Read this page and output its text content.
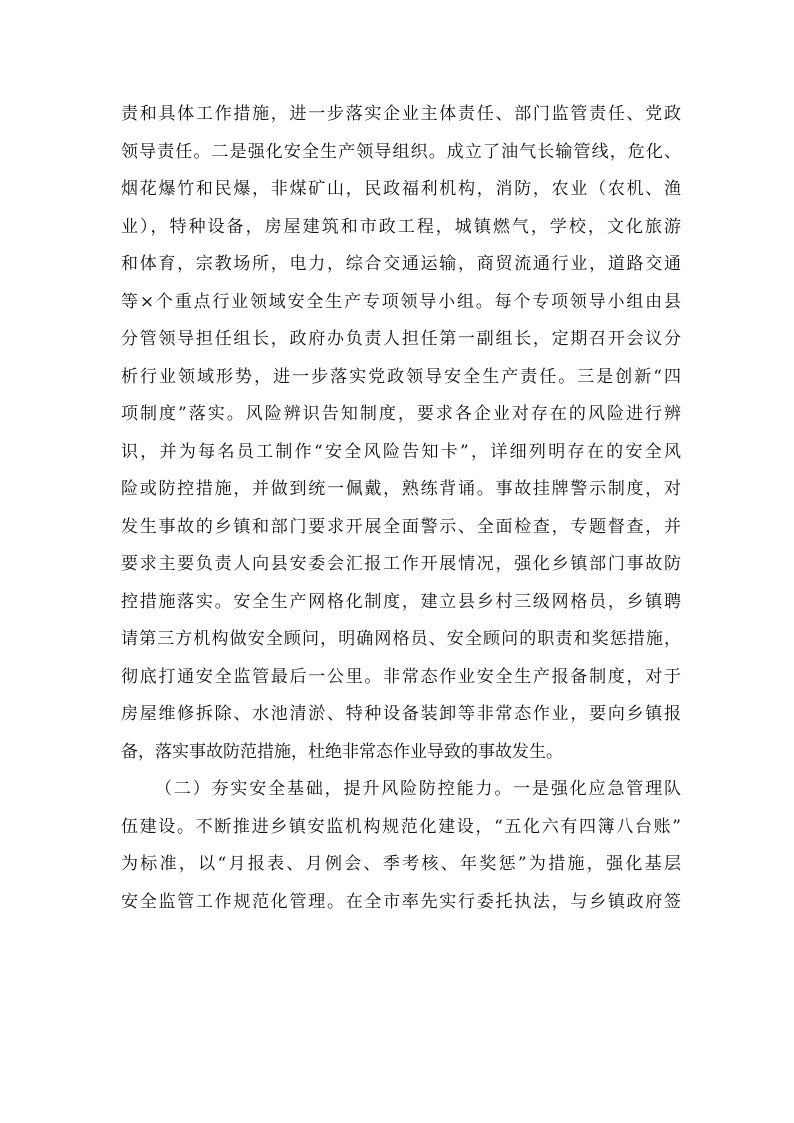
责和具体工作措施，进一步落实企业主体责任、部门监管责任、党政
领导责任。二是强化安全生产领导组织。成立了油气长输管线，危化、
烟花爆竹和民爆，非煤矿山，民政福利机构，消防，农业（农机、渔
业），特种设备，房屋建筑和市政工程，城镇燃气，学校，文化旅游
和体育，宗教场所，电力，综合交通运输，商贸流通行业，道路交通
等×个重点行业领域安全生产专项领导小组。每个专项领导小组由县
分管领导担任组长，政府办负责人担任第一副组长，定期召开会议分
析行业领域形势，进一步落实党政领导安全生产责任。三是创新“四
项制度”落实。风险辨识告知制度，要求各企业对存在的风险进行辨
识，并为每名员工制作“安全风险告知卡”，详细列明存在的安全风
险或防控措施，并做到统一佩戴，熟练背诵。事故挂牌警示制度，对
发生事故的乡镇和部门要求开展全面警示、全面检查，专题督查，并
要求主要负责人向县安委会汇报工作开展情况，强化乡镇部门事故防
控措施落实。安全生产网格化制度，建立县乡村三级网格员，乡镇聘
请第三方机构做安全顾问，明确网格员、安全顾问的职责和奖惩措施，
彻底打通安全监管最后一公里。非常态作业安全生产报备制度，对于
房屋维修拆除、水池清淤、特种设备装卸等非常态作业，要向乡镇报
备，落实事故防范措施，杜绝非常态作业导致的事故发生。
（二）夯实安全基础，提升风险防控能力。一是强化应急管理队
伍建设。不断推进乡镇安监机构规范化建设，“五化六有四簿八台账”
为标准，以“月报表、月例会、季考核、年奖惩”为措施，强化基层
安全监管工作规范化管理。在全市率先实行委托执法，与乡镇政府签
